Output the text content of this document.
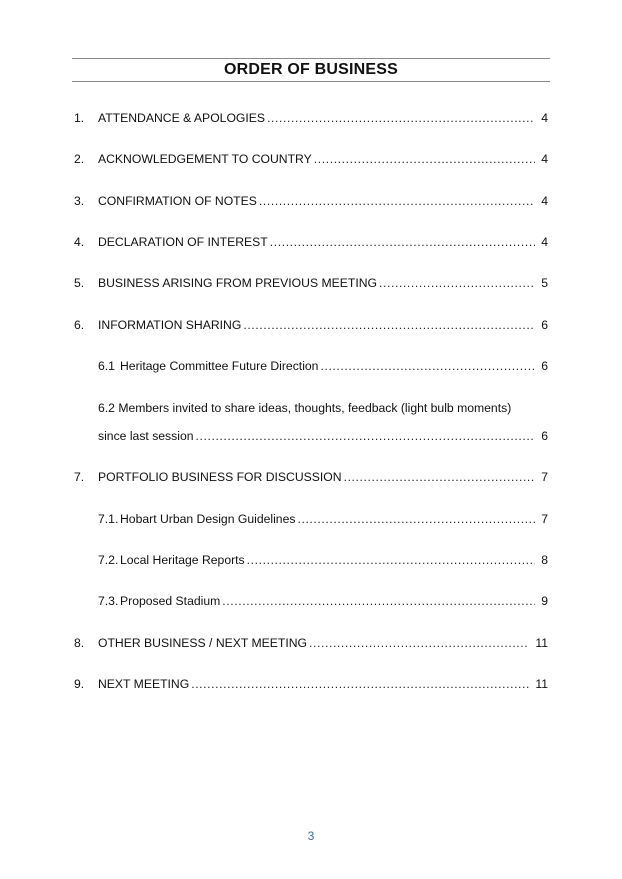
ORDER OF BUSINESS
1.	ATTENDANCE & APOLOGIES .....	4
2.	ACKNOWLEDGEMENT TO COUNTRY .....	4
3.	CONFIRMATION OF NOTES .....	4
4.	DECLARATION OF INTEREST .....	4
5.	BUSINESS ARISING FROM PREVIOUS MEETING .....	5
6.	INFORMATION SHARING .....	6
6.1 Heritage Committee Future Direction .....	6
6.2 Members invited to share ideas, thoughts, feedback (light bulb moments)
since last session .....	6
7.	PORTFOLIO BUSINESS FOR DISCUSSION .....	7
7.1. Hobart Urban Design Guidelines .....	7
7.2. Local Heritage Reports .....	8
7.3. Proposed Stadium .....	9
8.	OTHER BUSINESS / NEXT MEETING .....	11
9.	NEXT MEETING .....	11
3
